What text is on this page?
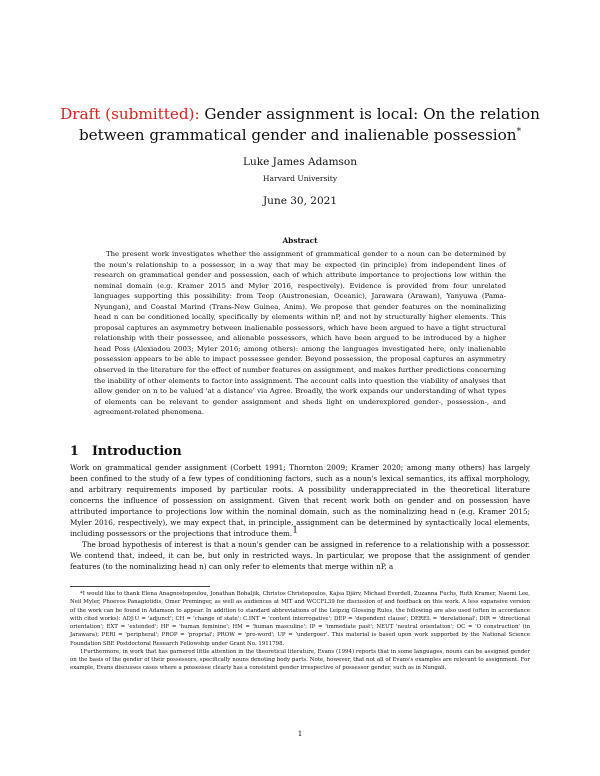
Draft (submitted): Gender assignment is local: On the relation
between grammatical gender and inalienable possession*
Luke James Adamson
Harvard University
June 30, 2021
Abstract
The present work investigates whether the assignment of grammatical gender to a noun can be determined by the noun's relationship to a possessor, in a way that may be expected (in principle) from independent lines of research on grammatical gender and possession, each of which attribute importance to projections low within the nominal domain (e.g. Kramer 2015 and Myler 2016, respectively). Evidence is provided from four unrelated languages supporting this possibility: from Teop (Austronesian, Oceanic), Jarawara (Arawan), Yanyuwa (Pama-Nyungan), and Coastal Marind (Trans-New Guinea, Anim). We propose that gender features on the nominalizing head n can be conditioned locally, specifically by elements within nP, and not by structurally higher elements. This proposal captures an asymmetry between inalienable possessors, which have been argued to have a tight structural relationship with their possessee, and alienable possessors, which have been argued to be introduced by a higher head Poss (Alexiadou 2003; Myler 2016; among others): among the languages investigated here, only inalienable possession appears to be able to impact possessee gender. Beyond possession, the proposal captures an asymmetry observed in the literature for the effect of number features on assignment, and makes further predictions concerning the inability of other elements to factor into assignment. The account calls into question the viability of analyses that allow gender on n to be valued 'at a distance' via Agree. Broadly, the work expands our understanding of what types of elements can be relevant to gender assignment and sheds light on underexplored gender-, possession-, and agreement-related phenomena.
1 Introduction

Work on grammatical gender assignment (Corbett 1991; Thornton 2009; Kramer 2020; among many others) has largely been confined to the study of a few types of conditioning factors, such as a noun's lexical semantics, its affixal morphology, and arbitrary requirements imposed by particular roots. A possibility underappreciated in the theoretical literature concerns the influence of possession on assignment. Given that recent work both on gender and on possession have attributed importance to projections low within the nominal domain, such as the nominalizing head n (e.g. Kramer 2015; Myler 2016, respectively), we may expect that, in principle, assignment can be determined by syntactically local elements, including possessors or the projections that introduce them.1

The broad hypothesis of interest is that a noun's gender can be assigned in reference to a relationship with a possessor. We contend that, indeed, it can be, but only in restricted ways. In particular, we propose that the assignment of gender features (to the nominalizing head n) can only refer to elements that merge within nP, a

*I would like to thank Elena Anagnostopoulou, Jonathan Bobaljik, Christos Christopoulos, Kajsa Djärv, Michael Everdell, Zuzanna Fuchs, Ruth Kramer, Naomi Lee, Neil Myler, Phoevos Panagiotidis, Omer Preminger, as well as audiences at MIT and WCCFL39 for discussion of and feedback on this work. A less expansive version of the work can be found in Adamson to appear. In addition to standard abbreviations of the Leipzig Glossing Rules, the following are also used (often in accordance with cited works): ADJ:U = 'adjunct'; CH = 'change of state'; C.INT = 'content interrogative'; DEP = 'dependent clause'; DEREL = 'derelational'; DIR = 'directional orientation'; EXT = 'extended'; HF = 'human feminine'; HM = 'human masculine'; IP = 'immediate past'; NEUT 'neutral orientation'; OC = 'O construction' (in Jarawara); PERI = 'peripheral'; PROP = 'proprial'; PROW = 'pro-word'; UP = 'undergoer'. This material is based upon work supported by the National Science Foundation SBE Postdoctoral Research Fellowship under Grant No. 1911798.

1Furthermore, in work that has garnered little attention in the theoretical literature, Evans (1994) reports that in some languages, nouns can be assigned gender on the basis of the gender of their possessors, specifically nouns denoting body parts. Note, however, that not all of Evans's examples are relevant to assignment. For example, Evans discusses cases where a possessee clearly has a consistent gender irrespective of possessor gender, such as in Nungali.

1
